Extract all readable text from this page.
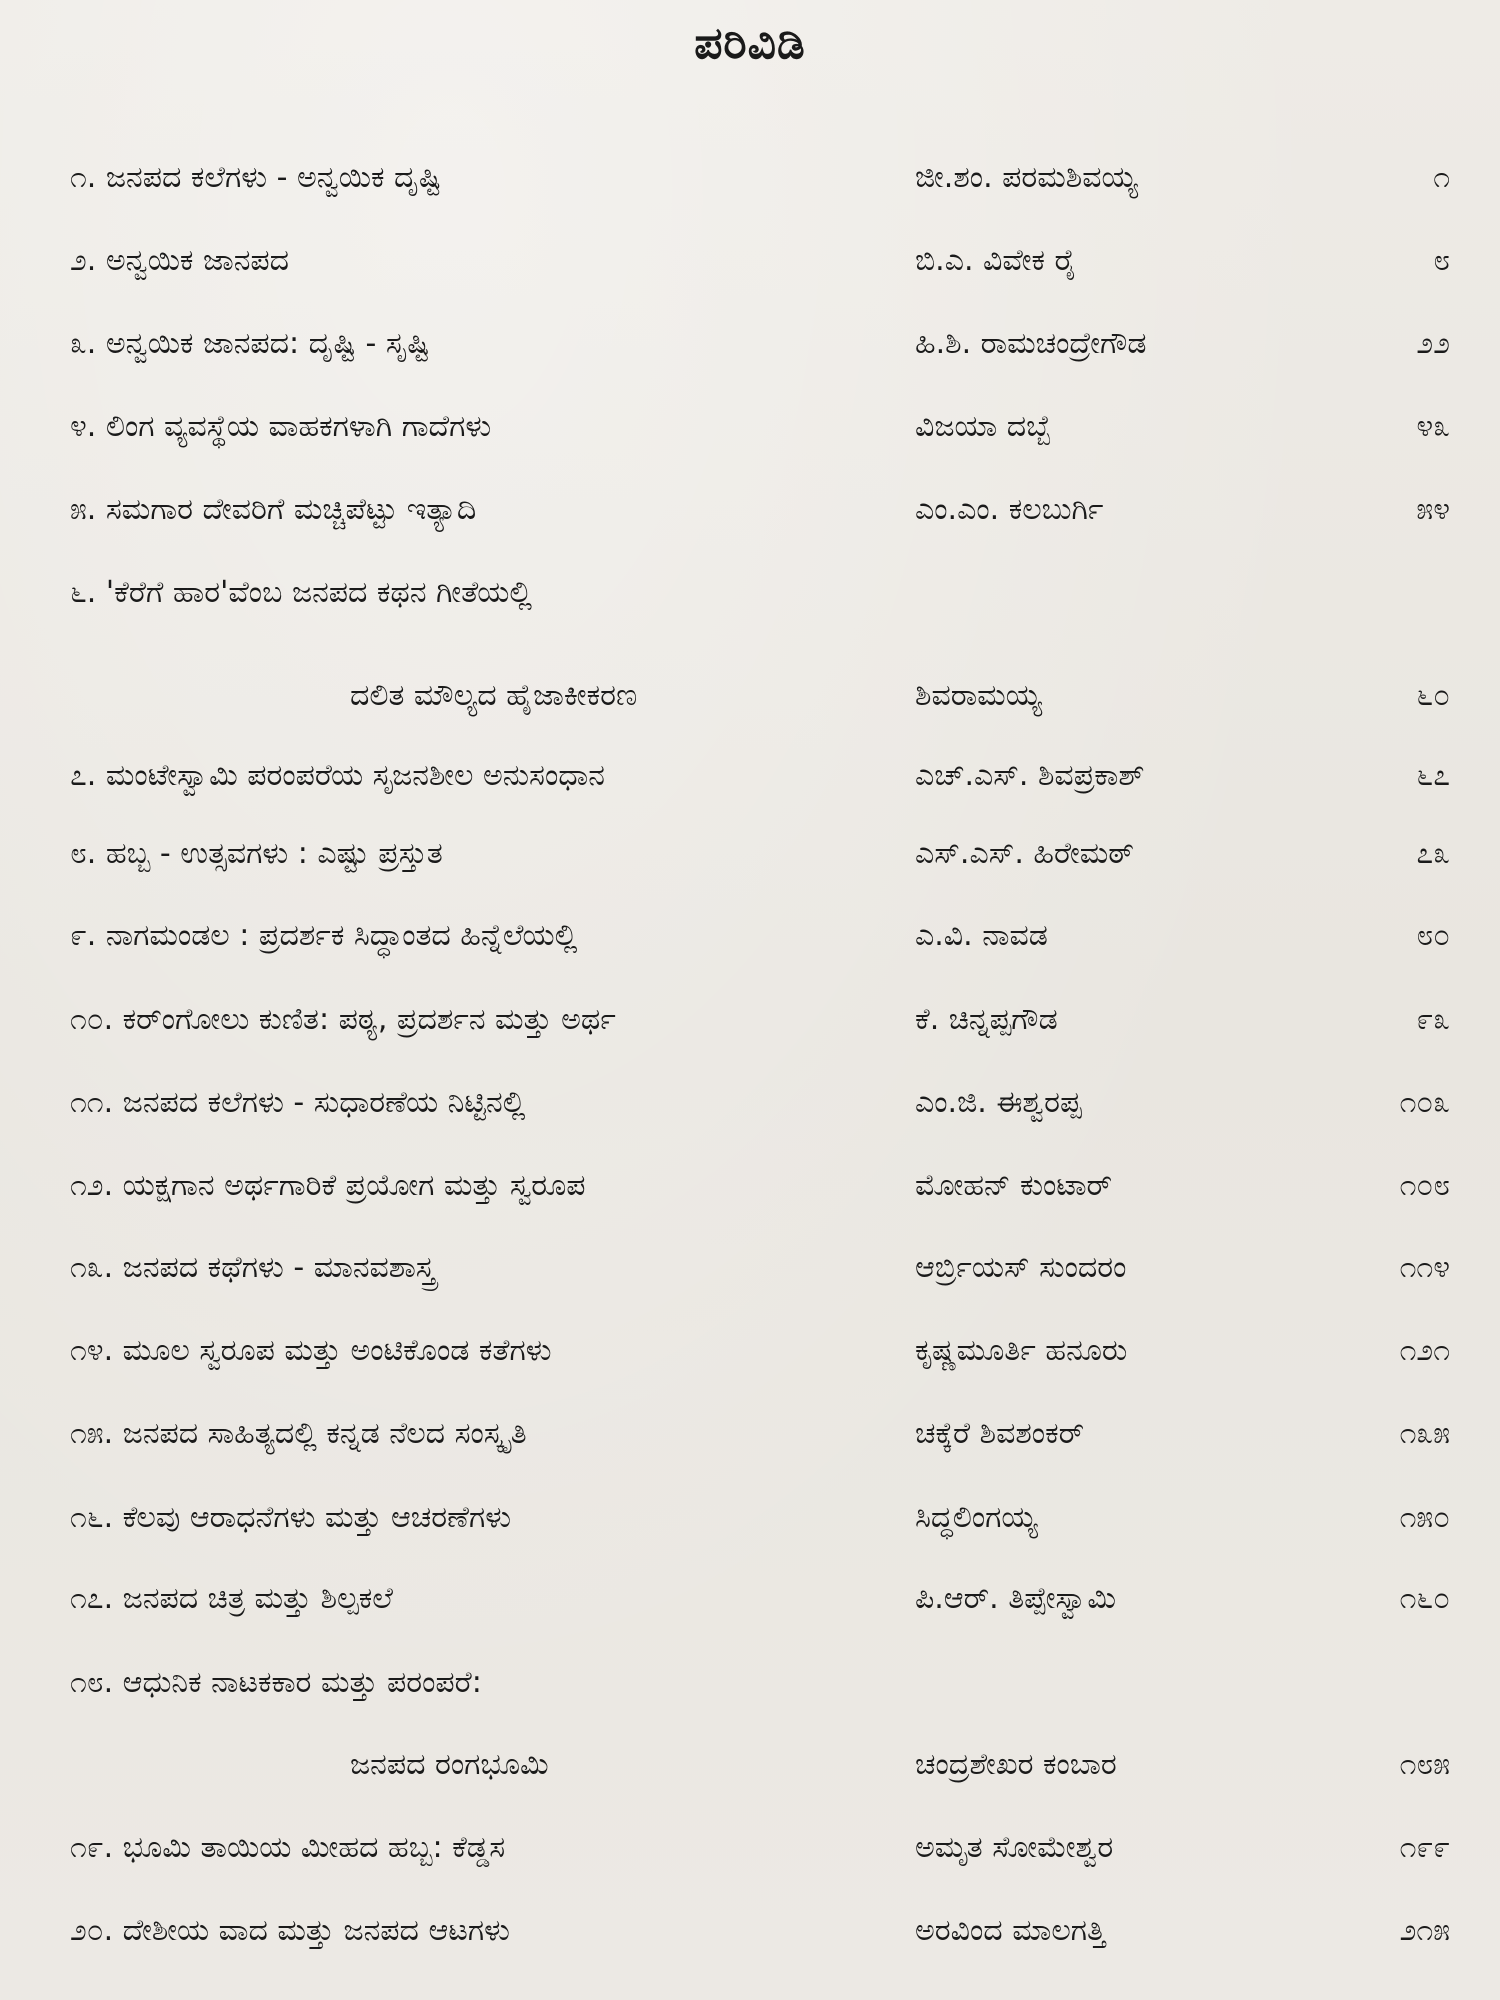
ಪರಿವಿಡಿ
೧. ಜನಪದ ಕಲೆಗಳು - ಅನ್ವಯಿಕ ದೃಷ್ಟಿ	ಜೀ.ಶಂ. ಪರಮಶಿವಯ್ಯ	೧
೨. ಅನ್ವಯಿಕ ಜಾನಪದ	ಬಿ.ಎ. ವಿವೇಕ ರೈ	೮
೩. ಅನ್ವಯಿಕ ಜಾನಪದ: ದೃಷ್ಟಿ - ಸೃಷ್ಟಿ	ಹಿ.ಶಿ. ರಾಮಚಂದ್ರೇಗೌಡ	೨೨
೪. ಲಿಂಗ ವ್ಯವಸ್ಥೆಯ ವಾಹಕಗಳಾಗಿ ಗಾದೆಗಳು	ವಿಜಯಾ ದಬ್ಬೆ	೪೩
೫. ಸಮಗಾರ ದೇವರಿಗೆ ಮಚ್ಚಿಪೆಟ್ಟು ಇತ್ಯಾದಿ	ಎಂ.ಎಂ. ಕಲಬುರ್ಗಿ	೫೪
೬. 'ಕೆರೆಗೆ ಹಾರ'ವೆಂಬ ಜನಪದ ಕಥನ ಗೀತೆಯಲ್ಲಿ
ದಲಿತ ಮೌಲ್ಯದ ಹೈಜಾಕೀಕರಣ	ಶಿವರಾಮಯ್ಯ	೬೦
೭. ಮಂಟೇಸ್ವಾಮಿ ಪರಂಪರೆಯ ಸೃಜನಶೀಲ ಅನುಸಂಧಾನ	ಎಚ್.ಎಸ್. ಶಿವಪ್ರಕಾಶ್	೬೭
೮. ಹಬ್ಬ - ಉತ್ಸವಗಳು : ಎಷ್ಟು ಪ್ರಸ್ತುತ	ಎಸ್.ಎಸ್. ಹಿರೇಮಠ್	೭೩
೯. ನಾಗಮಂಡಲ : ಪ್ರದರ್ಶಕ ಸಿದ್ಧಾಂತದ ಹಿನ್ನೆಲೆಯಲ್ಲಿ	ಎ.ವಿ. ನಾವಡ	೮೦
೧೦. ಕರ್‌ಂಗೋಲು ಕುಣಿತ: ಪಠ್ಯ, ಪ್ರದರ್ಶನ ಮತ್ತು ಅರ್ಥ	ಕೆ. ಚಿನ್ನಪ್ಪಗೌಡ	೯೩
೧೧. ಜನಪದ ಕಲೆಗಳು - ಸುಧಾರಣೆಯ ನಿಟ್ಟಿನಲ್ಲಿ	ಎಂ.ಜಿ. ಈಶ್ವರಪ್ಪ	೧೦೩
೧೨. ಯಕ್ಷಗಾನ ಅರ್ಥಗಾರಿಕೆ ಪ್ರಯೋಗ ಮತ್ತು ಸ್ವರೂಪ	ಮೋಹನ್ ಕುಂಟಾರ್	೧೦೮
೧೩. ಜನಪದ ಕಥೆಗಳು - ಮಾನವಶಾಸ್ತ್ರ	ಆರ್ಬ್ರಿಯಸ್ ಸುಂದರಂ	೧೧೪
೧೪. ಮೂಲ ಸ್ವರೂಪ ಮತ್ತು ಅಂಟಿಕೊಂಡ ಕತೆಗಳು	ಕೃಷ್ಣಮೂರ್ತಿ ಹನೂರು	೧೨೧
೧೫. ಜನಪದ ಸಾಹಿತ್ಯದಲ್ಲಿ ಕನ್ನಡ ನೆಲದ ಸಂಸ್ಕೃತಿ	ಚಕ್ಕೆರೆ ಶಿವಶಂಕರ್	೧೩೫
೧೬. ಕೆಲವು ಆರಾಧನೆಗಳು ಮತ್ತು ಆಚರಣೆಗಳು	ಸಿದ್ಧಲಿಂಗಯ್ಯ	೧೫೦
೧೭. ಜನಪದ ಚಿತ್ರ ಮತ್ತು ಶಿಲ್ಪಕಲೆ	ಪಿ.ಆರ್. ತಿಪ್ಪೇಸ್ವಾಮಿ	೧೬೦
೧೮. ಆಧುನಿಕ ನಾಟಕಕಾರ ಮತ್ತು ಪರಂಪರೆ:
ಜನಪದ ರಂಗಭೂಮಿ	ಚಂದ್ರಶೇಖರ ಕಂಬಾರ	೧೮೫
೧೯. ಭೂಮಿ ತಾಯಿಯ ಮೀಹದ ಹಬ್ಬ: ಕೆಡ್ಡಸ	ಅಮೃತ ಸೋಮೇಶ್ವರ	೧೯೯
೨೦. ದೇಶೀಯ ವಾದ ಮತ್ತು ಜನಪದ ಆಟಗಳು	ಅರವಿಂದ ಮಾಲಗತ್ತಿ	೨೧೫
